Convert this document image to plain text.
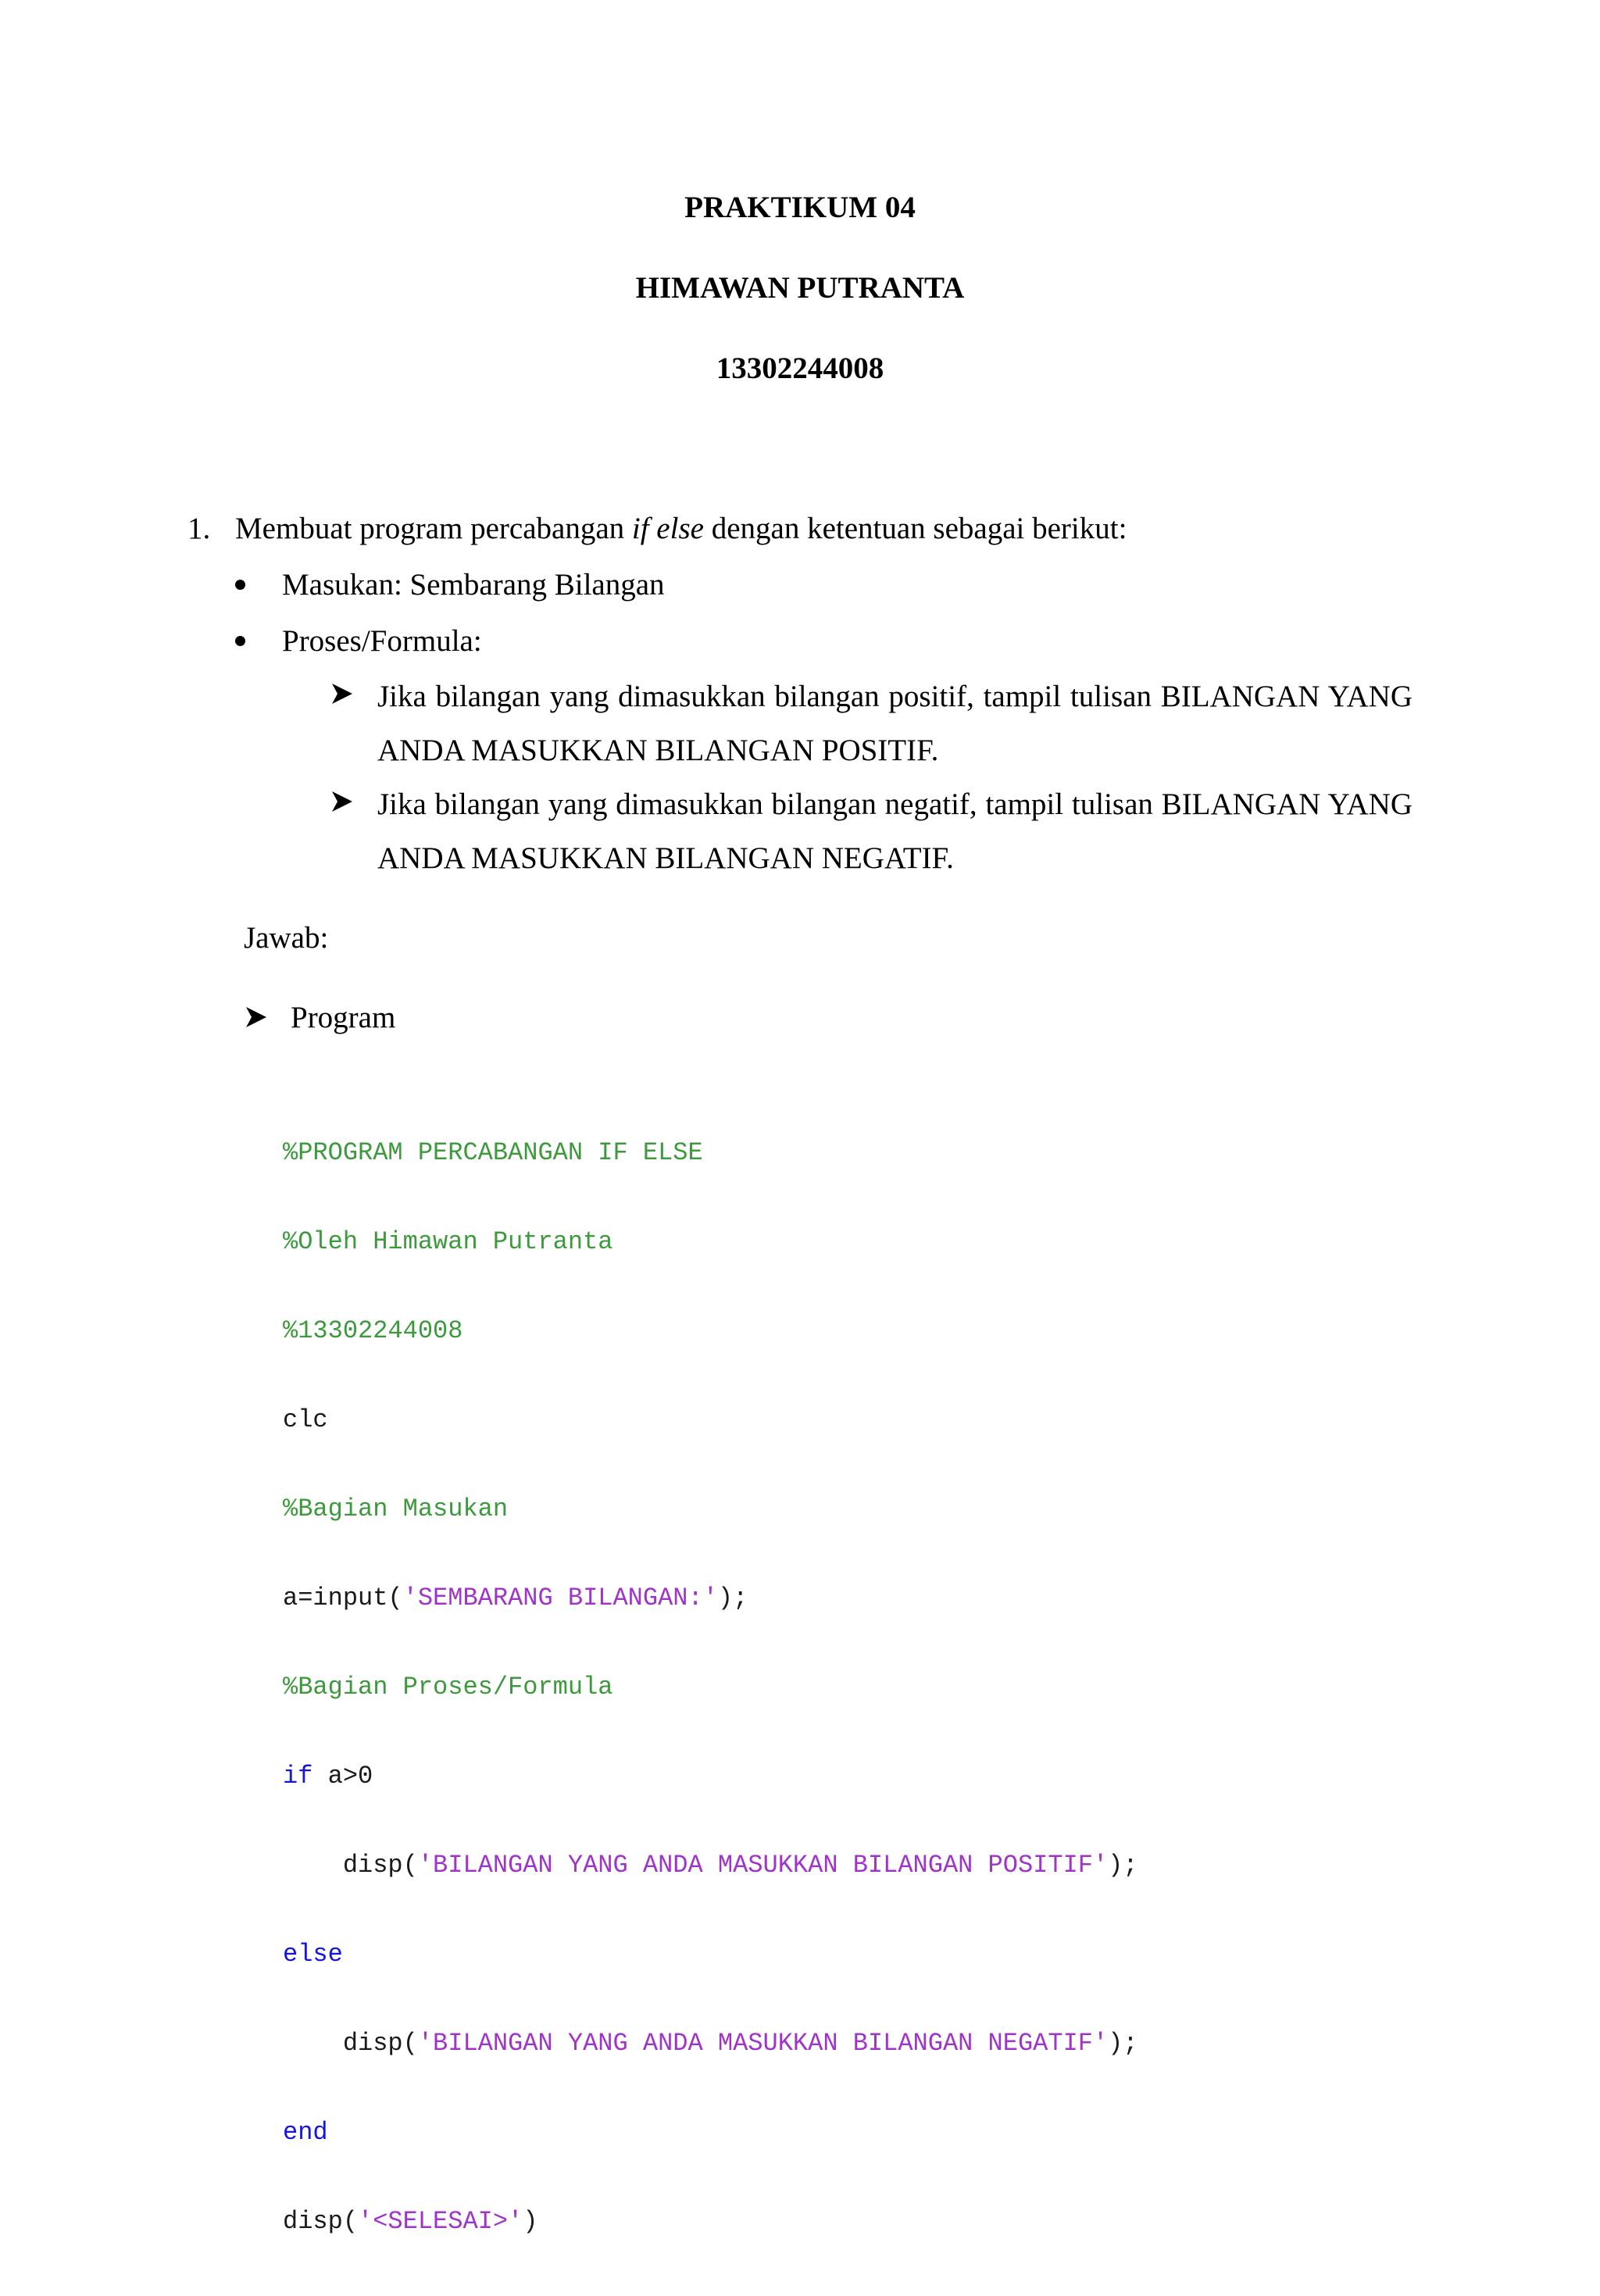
PRAKTIKUM 04
HIMAWAN PUTRANTA
13302244008
1. Membuat program percabangan if else dengan ketentuan sebagai berikut:
Masukan: Sembarang Bilangan
Proses/Formula:
Jika bilangan yang dimasukkan bilangan positif, tampil tulisan BILANGAN YANG ANDA MASUKKAN BILANGAN POSITIF.
Jika bilangan yang dimasukkan bilangan negatif, tampil tulisan BILANGAN YANG ANDA MASUKKAN BILANGAN NEGATIF.
Jawab:
Program

%PROGRAM PERCABANGAN IF ELSE

%Oleh Himawan Putranta

%13302244008

clc

%Bagian Masukan

a=input('SEMBARANG BILANGAN:');

%Bagian Proses/Formula

if a>0

disp('BILANGAN YANG ANDA MASUKKAN BILANGAN POSITIF');

else

disp('BILANGAN YANG ANDA MASUKKAN BILANGAN NEGATIF');

end

disp('<SELESAI>')
